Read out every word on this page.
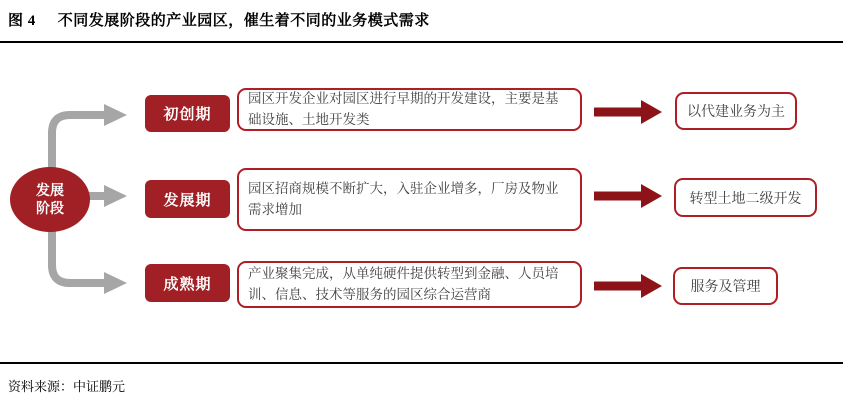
图 4 不同发展阶段的产业园区，催生着不同的业务模式需求
发展
阶段
初创期
园区开发企业对园区进行早期的开发建设，主要是基础设施、土地开发类	以代建业务为主
发展期
园区招商规模不断扩大，入驻企业增多，厂房及物业需求增加
转型土地二级开发
成熟期
产业聚集完成，从单纯硬件提供转型到金融、人员培训、信息、技术等服务的园区综合运营商	服务及管理
资料来源：中证鹏元
